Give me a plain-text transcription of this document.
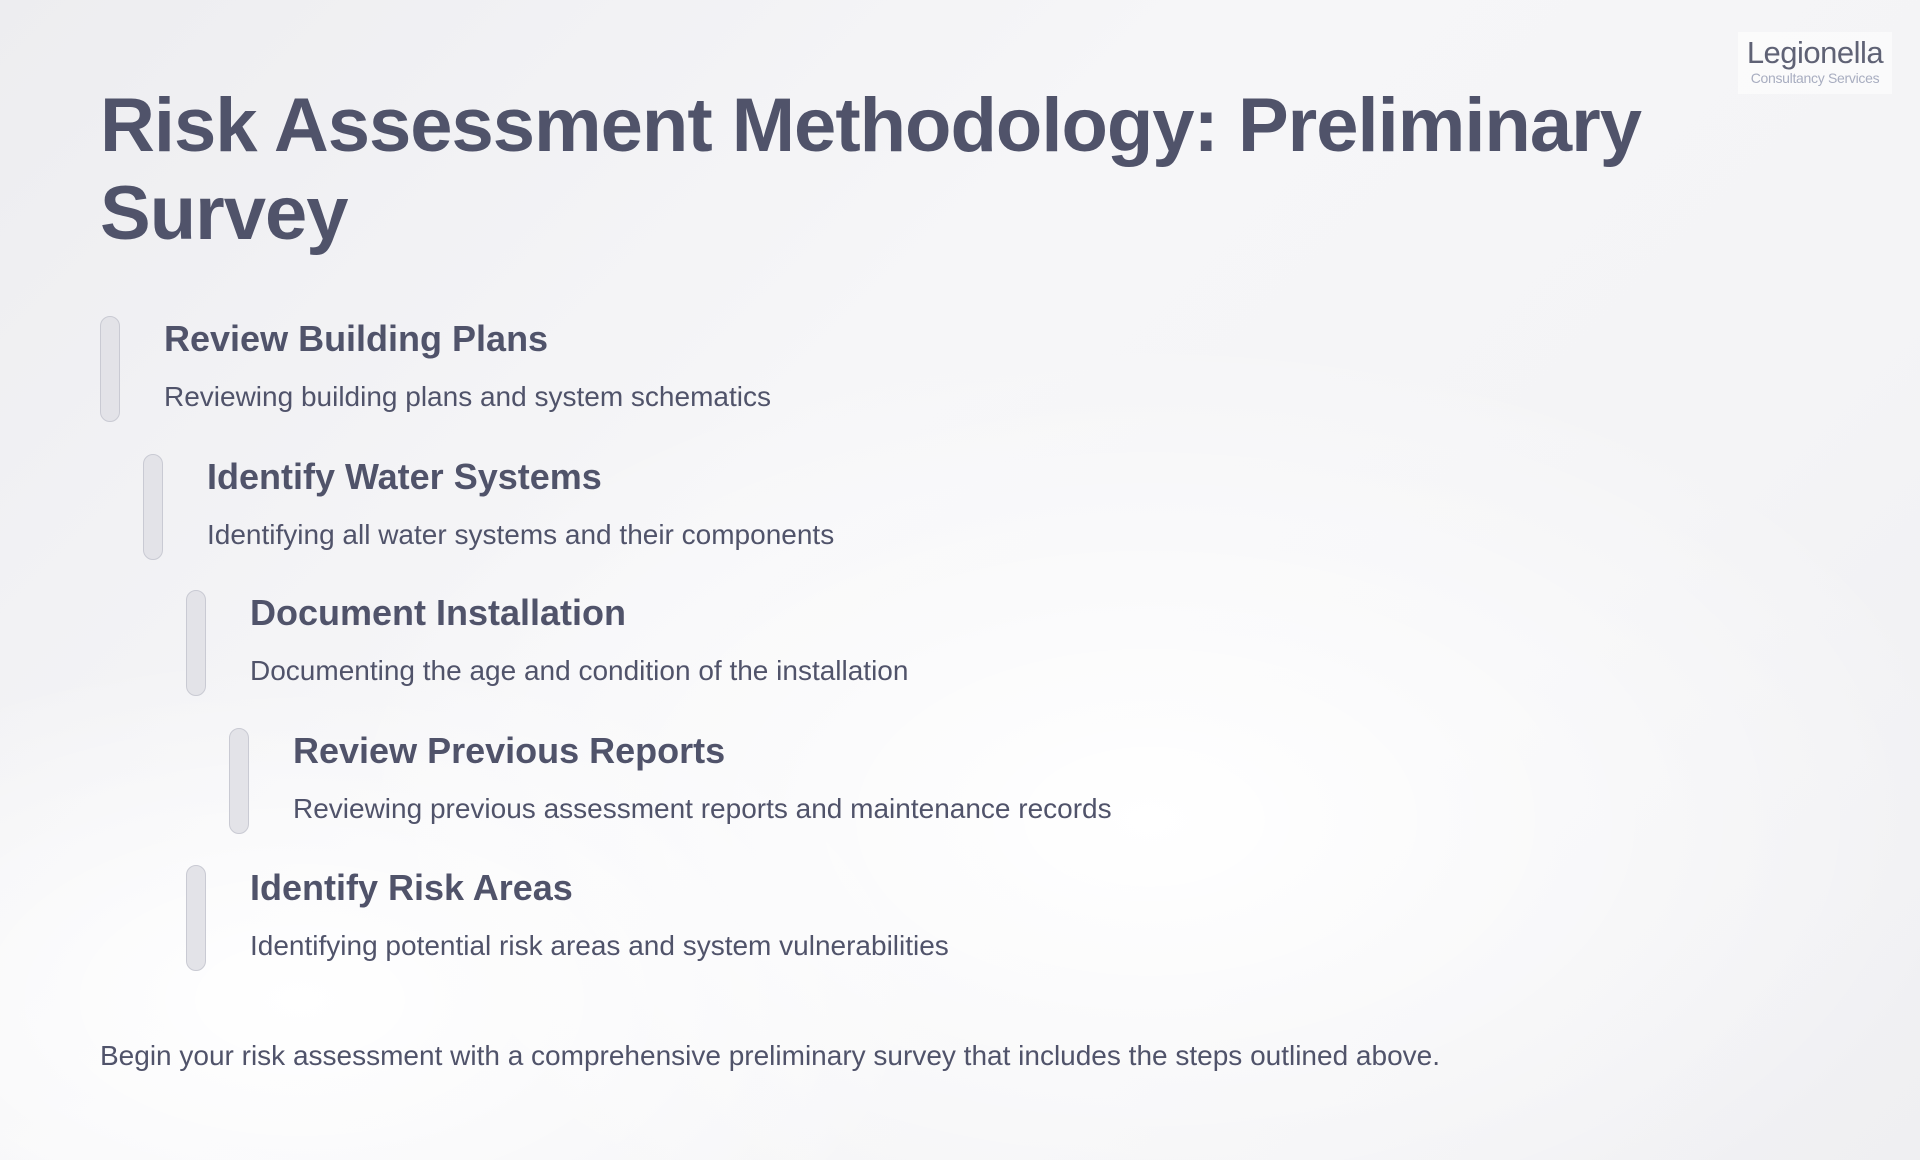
Legionella
Consultancy Services
Risk Assessment Methodology: Preliminary Survey
Review Building Plans

Reviewing building plans and system schematics

Identify Water Systems

Identifying all water systems and their components

Document Installation

Documenting the age and condition of the installation

Review Previous Reports

Reviewing previous assessment reports and maintenance records

Identify Risk Areas

Identifying potential risk areas and system vulnerabilities

Begin your risk assessment with a comprehensive preliminary survey that includes the steps outlined above.
